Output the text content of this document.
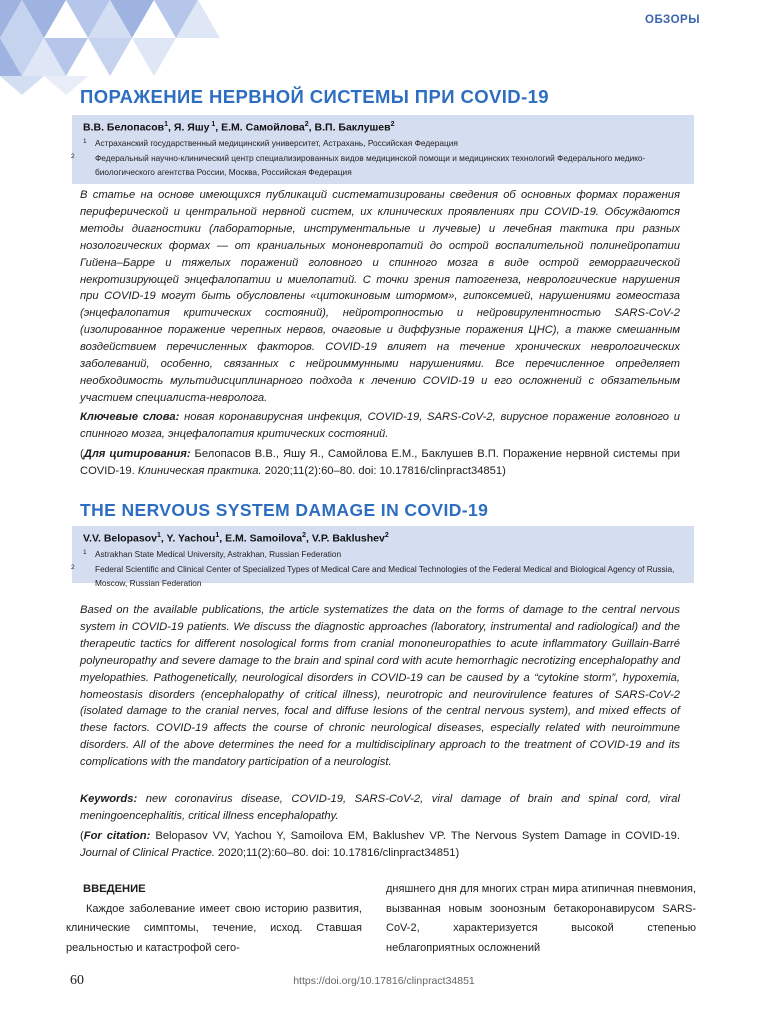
ОБЗОРЫ
ПОРАЖЕНИЕ НЕРВНОЙ СИСТЕМЫ ПРИ COVID-19
В.В. Белопасов$^1$, Я. Яшу $^1$, Е.М. Самойлова$^2$, В.П. Баклушев$^2$
1 Астраханский государственный медицинский университет, Астрахань, Российская Федерация
2 Федеральный научно-клинический центр специализированных видов медицинской помощи и медицинских технологий Федерального медико-биологического агентства России, Москва, Российская Федерация

В статье на основе имеющихся публикаций систематизированы сведения об основных формах поражения периферической и центральной нервной систем, их клинических проявлениях при COVID-19. Обсуждаются методы диагностики (лабораторные, инструментальные и лучевые) и лечебная тактика при разных нозологических формах — от краниальных мононевропатий до острой воспалительной полинейропатии Гийена–Барре и тяжелых поражений головного и спинного мозга в виде острой геморрагической некротизирующей энцефалопатии и миелопатий. С точки зрения патогенеза, неврологические нарушения при COVID-19 могут быть обусловлены «цитокиновым штормом», гипоксемией, нарушениями гомеостаза (энцефалопатия критических состояний), нейротропностью и нейровирулентностью SARS-CoV-2 (изолированное поражение черепных нервов, очаговые и диффузные поражения ЦНС), а также смешанным воздействием перечисленных факторов. COVID-19 влияет на течение хронических неврологических заболеваний, особенно, связанных с нейроиммунными нарушениями. Все перечисленное определяет необходимость мультидисциплинарного подхода к лечению COVID-19 и его осложнений с обязательным участием специалиста-невролога.

Ключевые слова: новая коронавирусная инфекция, COVID-19, SARS-CoV-2, вирусное поражение головного и спинного мозга, энцефалопатия критических состояний.

(Для цитирования: Белопасов В.В., Яшу Я., Самойлова Е.М., Баклушев В.П. Поражение нервной системы при COVID-19. Клиническая практика. 2020;11(2):60–80. doi: 10.17816/clinpract34851)

THE NERVOUS SYSTEM DAMAGE IN COVID-19
V.V. Belopasov$^1$, Y. Yachou$^1$, E.M. Samoilova$^2$, V.P. Baklushev$^2$
1 Astrakhan State Medical University, Astrakhan, Russian Federation
2 Federal Scientific and Clinical Center of Specialized Types of Medical Care and Medical Technologies of the Federal Medical and Biological Agency of Russia, Moscow, Russian Federation

Based on the available publications, the article systematizes the data on the forms of damage to the central nervous system in COVID-19 patients. We discuss the diagnostic approaches (laboratory, instrumental and radiological) and the therapeutic tactics for different nosological forms from cranial mononeuropathies to acute inflammatory Guillain-Barré polyneuropathy and severe damage to the brain and spinal cord with acute hemorrhagic necrotizing encephalopathy and myelopathies. Pathogenetically, neurological disorders in COVID-19 can be caused by a “cytokine storm”, hypoxemia, homeostasis disorders (encephalopathy of critical illness), neurotropic and neurovirulence features of SARS-CoV-2 (isolated damage to the cranial nerves, focal and diffuse lesions of the central nervous system), and mixed effects of these factors. COVID-19 affects the course of chronic neurological diseases, especially related with neuroimmune disorders. All of the above determines the need for a multidisciplinary approach to the treatment of COVID-19 and its complications with the mandatory participation of a neurologist.

Keywords: new coronavirus disease, COVID-19, SARS-CoV-2, viral damage of brain and spinal cord, viral meningoencephalitis, critical illness encephalopathy.

(For citation: Belopasov VV, Yachou Y, Samoilova EM, Baklushev VP. The Nervous System Damage in COVID-19. Journal of Clinical Practice. 2020;11(2):60–80. doi: 10.17816/clinpract34851)

ВВЕДЕНИЕ
Каждое заболевание имеет свою историю развития, клинические симптомы, течение, исход. Ставшая реальностью и катастрофой сего-
дняшнего дня для многих стран мира атипичная пневмония, вызванная новым зоонозным бетакоронавирусом SARS-CoV-2, характеризуется высокой степенью неблагоприятных осложнений
60	https://doi.org/10.17816/clinpract34851
